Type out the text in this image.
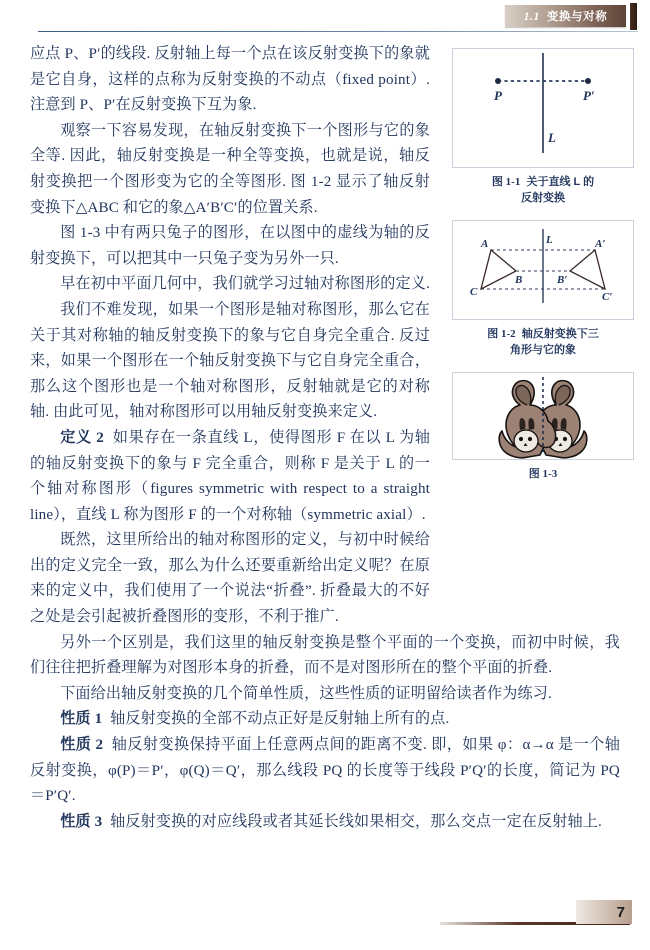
1.1 变换与对称
P	P′
L
图 1-1 关于直线 L 的
反射变换
A
B
C
A′
B′
C′
L
图 1-2 轴反射变换下三
角形与它的象
图 1-3

应点 P、P′的线段. 反射轴上每一个点在该反射变换下的象就是它自身，这样的点称为反射变换的不动点（fixed point）. 注意到 P、P′在反射变换下互为象.

观察一下容易发现，在轴反射变换下一个图形与它的象全等. 因此，轴反射变换是一种全等变换，也就是说，轴反射变换把一个图形变为它的全等图形. 图 1-2 显示了轴反射变换下△ABC 和它的象△A′B′C′的位置关系.

图 1-3 中有两只兔子的图形，在以图中的虚线为轴的反射变换下，可以把其中一只兔子变为另外一只.

早在初中平面几何中，我们就学习过轴对称图形的定义.

我们不难发现，如果一个图形是轴对称图形，那么它在关于其对称轴的轴反射变换下的象与它自身完全重合. 反过来，如果一个图形在一个轴反射变换下与它自身完全重合，那么这个图形也是一个轴对称图形，反射轴就是它的对称轴. 由此可见，轴对称图形可以用轴反射变换来定义.

定义 2 如果存在一条直线 L，使得图形 F 在以 L 为轴的轴反射变换下的象与 F 完全重合，则称 F 是关于 L 的一个轴对称图形（figures symmetric with respect to a straight line），直线 L 称为图形 F 的一个对称轴（symmetric axial）.

既然，这里所给出的轴对称图形的定义，与初中时候给出的定义完全一致，那么为什么还要重新给出定义呢？在原来的定义中，我们使用了一个说法“折叠”. 折叠最大的不好之处是会引起被折叠图形的变形，不利于推广.

另外一个区别是，我们这里的轴反射变换是整个平面的一个变换，而初中时候，我们往往把折叠理解为对图形本身的折叠，而不是对图形所在的整个平面的折叠.

下面给出轴反射变换的几个简单性质，这些性质的证明留给读者作为练习.

性质 1 轴反射变换的全部不动点正好是反射轴上所有的点.

性质 2 轴反射变换保持平面上任意两点间的距离不变. 即，如果 φ：α→α 是一个轴反射变换，φ(P)＝P′，φ(Q)＝Q′，那么线段 PQ 的长度等于线段 P′Q′的长度，简记为 PQ＝P′Q′.

性质 3 轴反射变换的对应线段或者其延长线如果相交，那么交点一定在反射轴上.

7
